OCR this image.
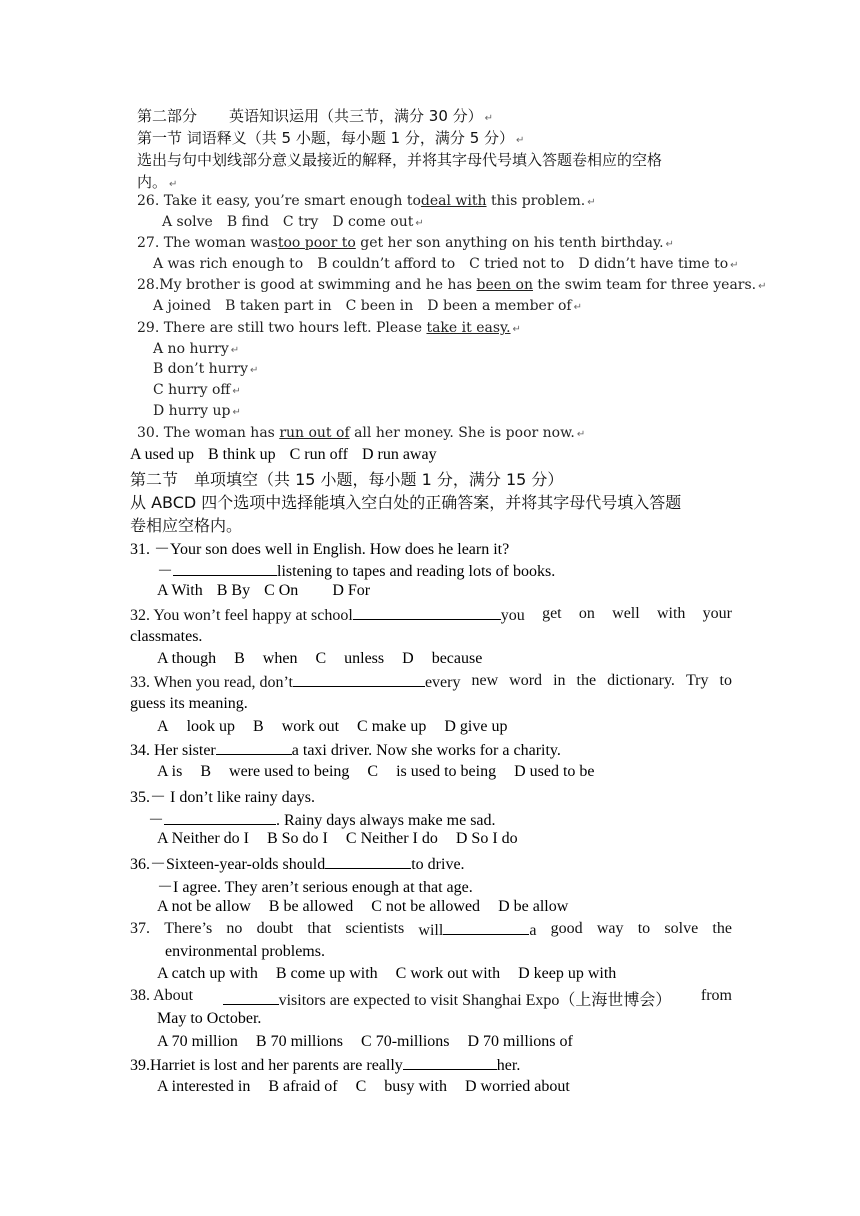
第二部分 英语知识运用（共三节，满分 30 分） ↵
第一节 词语释义（共 5 小题，每小题 1 分，满分 5 分） ↵
选出与句中划线部分意义最接近的解释，并将其字母代号填入答题卷相应的空格
内。 ↵
26. Take it easy, you’re smart enough todeal with this problem. ↵
A solve B find C try D come out ↵
27. The woman wastoo poor to get her son anything on his tenth birthday. ↵
A was rich enough to B couldn’t afford to C tried not to D didn’t have time to ↵
28.My brother is good at swimming and he has been on the swim team for three years. ↵
A joined B taken part in C been in D been a member of ↵
29. There are still two hours left. Please take it easy. ↵
A no hurry ↵
B don’t hurry ↵
C hurry off ↵
D hurry up ↵
30. The woman has run out of all her money. She is poor now. ↵
A used up B think up C run off D run away
第二节　单项填空（共 15 小题，每小题 1 分，满分 15 分）
从 ABCD 四个选项中选择能填入空白处的正确答案，并将其字母代号填入答题
卷相应空格内。
31. －Your son does well in English. How does he learn it?
－	listening to tapes and reading lots of books.
A With B By C On D For
32. You won’t feel happy at school	you get on well with your
classmates.
A though B when C unless D because
33. When you read, don’t	every new word in the dictionary. Try to
guess its meaning.
A look up B work out C make up D give up
34. Her sister	a taxi driver. Now she works for a charity.
A is B were used to being C is used to being D used to be
35.－ I don’t like rainy days.
－	. Rainy days always make me sad.
A Neither do I B So do I C Neither I do D So I do
36.－Sixteen-year-olds should	to drive.
－I agree. They aren’t serious enough at that age.
A not be allow B be allowed C not be allowed D be allow
37. There’s no doubt that scientists will	a good way to solve the
environmental problems.
A catch up with B come up with C work out with D keep up with
38. About	visitors are expected to visit Shanghai Expo（上海世博会） from
May to October.
A 70 million B 70 millions C 70-millions D 70 millions of
39.Harriet is lost and her parents are really	her.
A interested in B afraid of C busy with D worried about
